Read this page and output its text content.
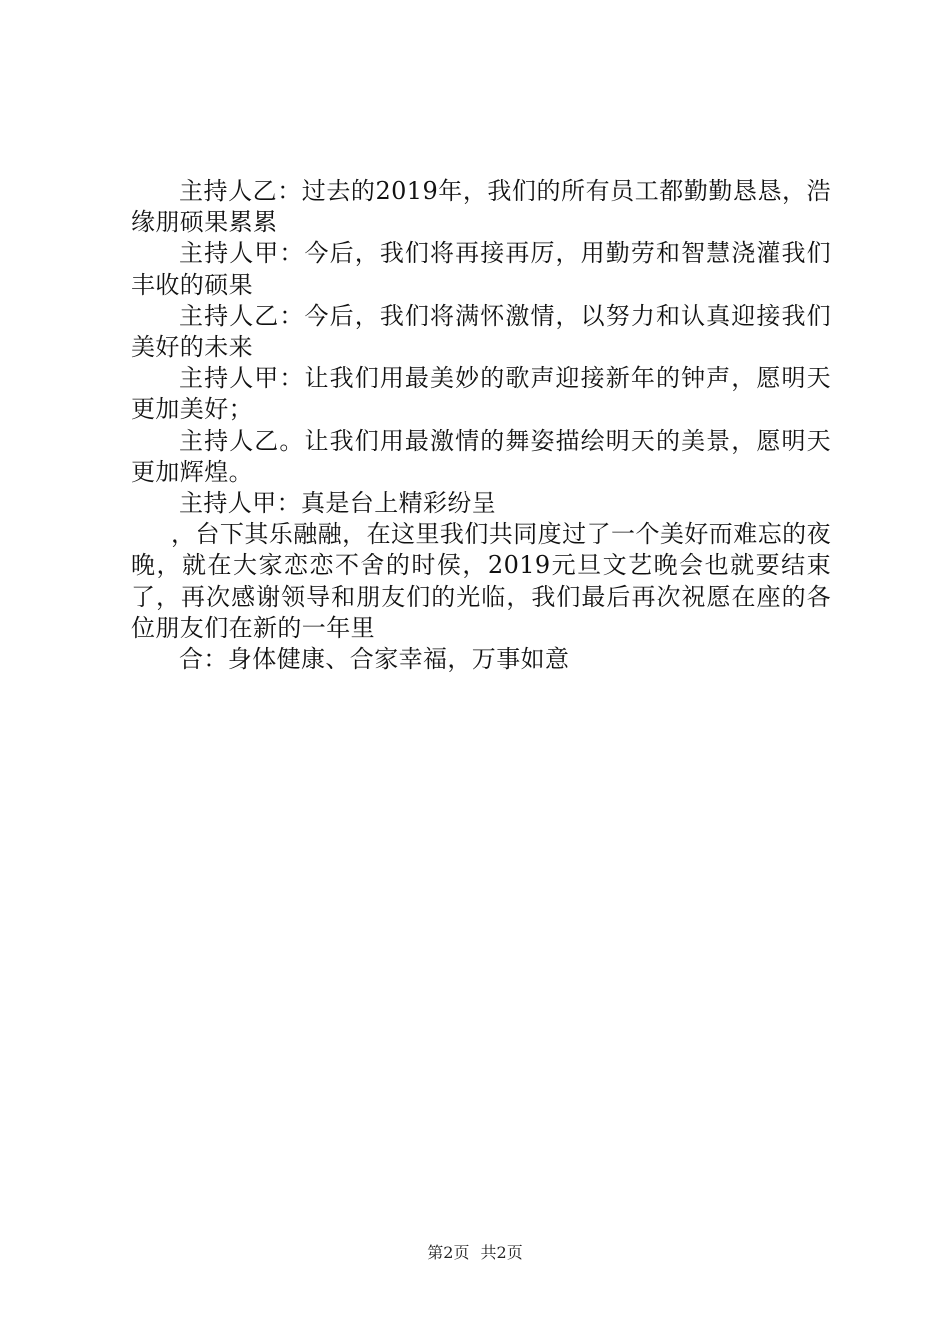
主持人乙：过去的2019年，我们的所有员工都勤勤恳恳，浩缘朋硕果累累

主持人甲：今后，我们将再接再厉，用勤劳和智慧浇灌我们丰收的硕果

主持人乙：今后，我们将满怀激情，以努力和认真迎接我们美好的未来

主持人甲：让我们用最美妙的歌声迎接新年的钟声，愿明天更加美好；

主持人乙。让我们用最激情的舞姿描绘明天的美景，愿明天更加辉煌。

主持人甲：真是台上精彩纷呈

，台下其乐融融，在这里我们共同度过了一个美好而难忘的夜晚，就在大家恋恋不舍的时侯，2019元旦文艺晚会也就要结束了，再次感谢领导和朋友们的光临，我们最后再次祝愿在座的各位朋友们在新的一年里

合：身体健康、合家幸福，万事如意

第2页 共2页
